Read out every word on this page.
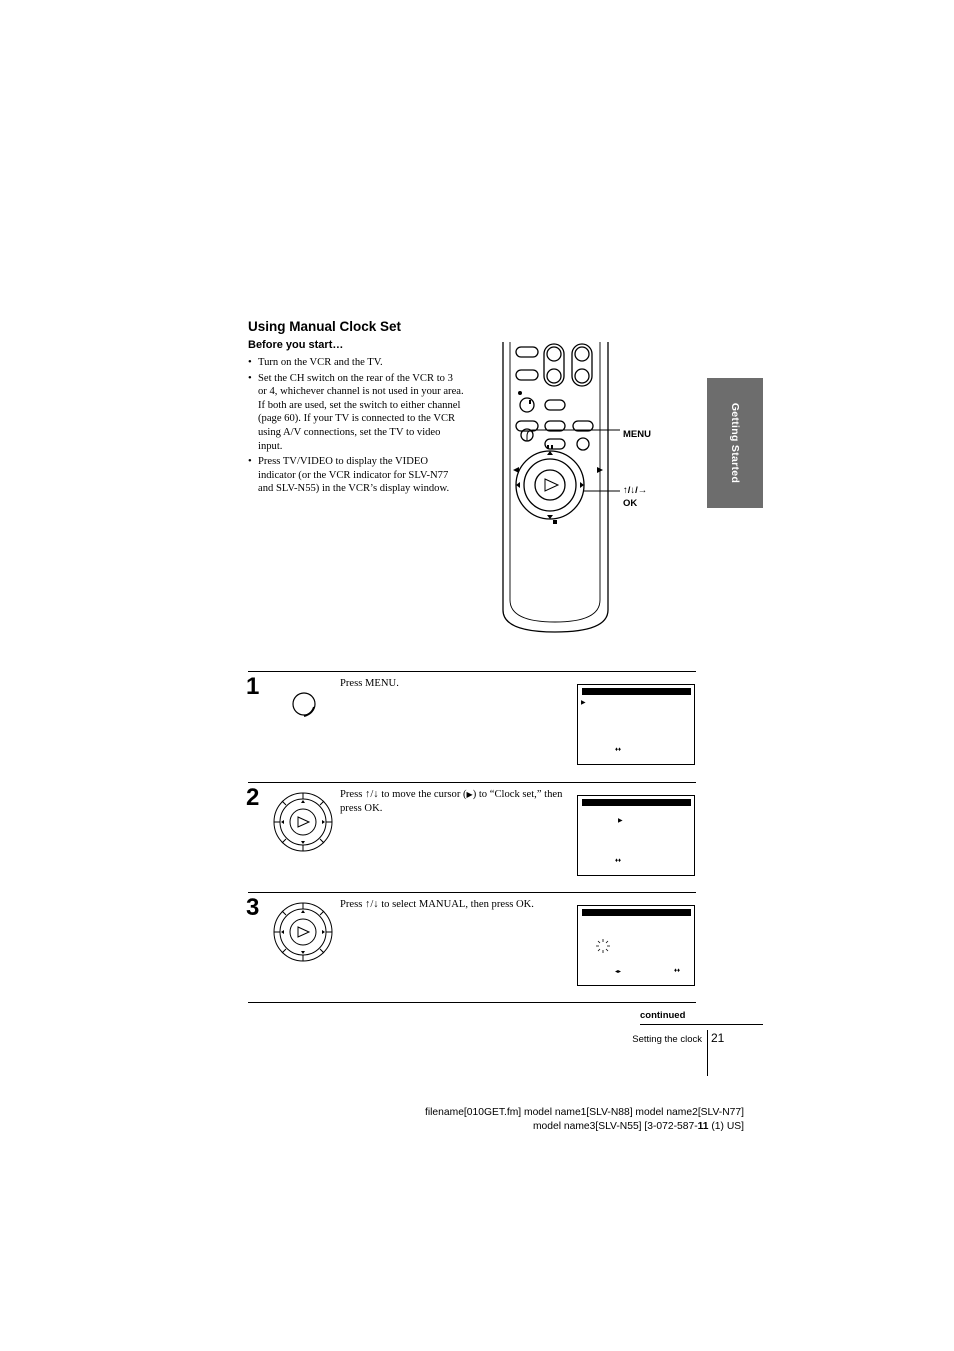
Using Manual Clock Set
Before you start…
• Turn on the VCR and the TV.
• Set the CH switch on the rear of the VCR to 3 or 4, whichever channel is not used in your area. If both are used, set the switch to either channel (page 60). If your TV is connected to the VCR using A/V connections, set the TV to video input.
• Press TV/VIDEO to display the VIDEO indicator (or the VCR indicator for SLV-N77 and SLV-N55) in the VCR’s display window.
Getting Started
MENU
↑/↓/→
OK
1	Press MENU.
▶
♦♦
2	Press ↑/↓ to move the cursor (▶) to “Clock set,” then press OK.
▶
♦♦
3	Press ↑/↓ to select MANUAL, then press OK.
◂▸	♦♦
continued
Setting the clock 21
filename[010GET.fm] model name1[SLV-N88] model name2[SLV-N77]
model name3[SLV-N55] [3-072-587-11 (1) US]
